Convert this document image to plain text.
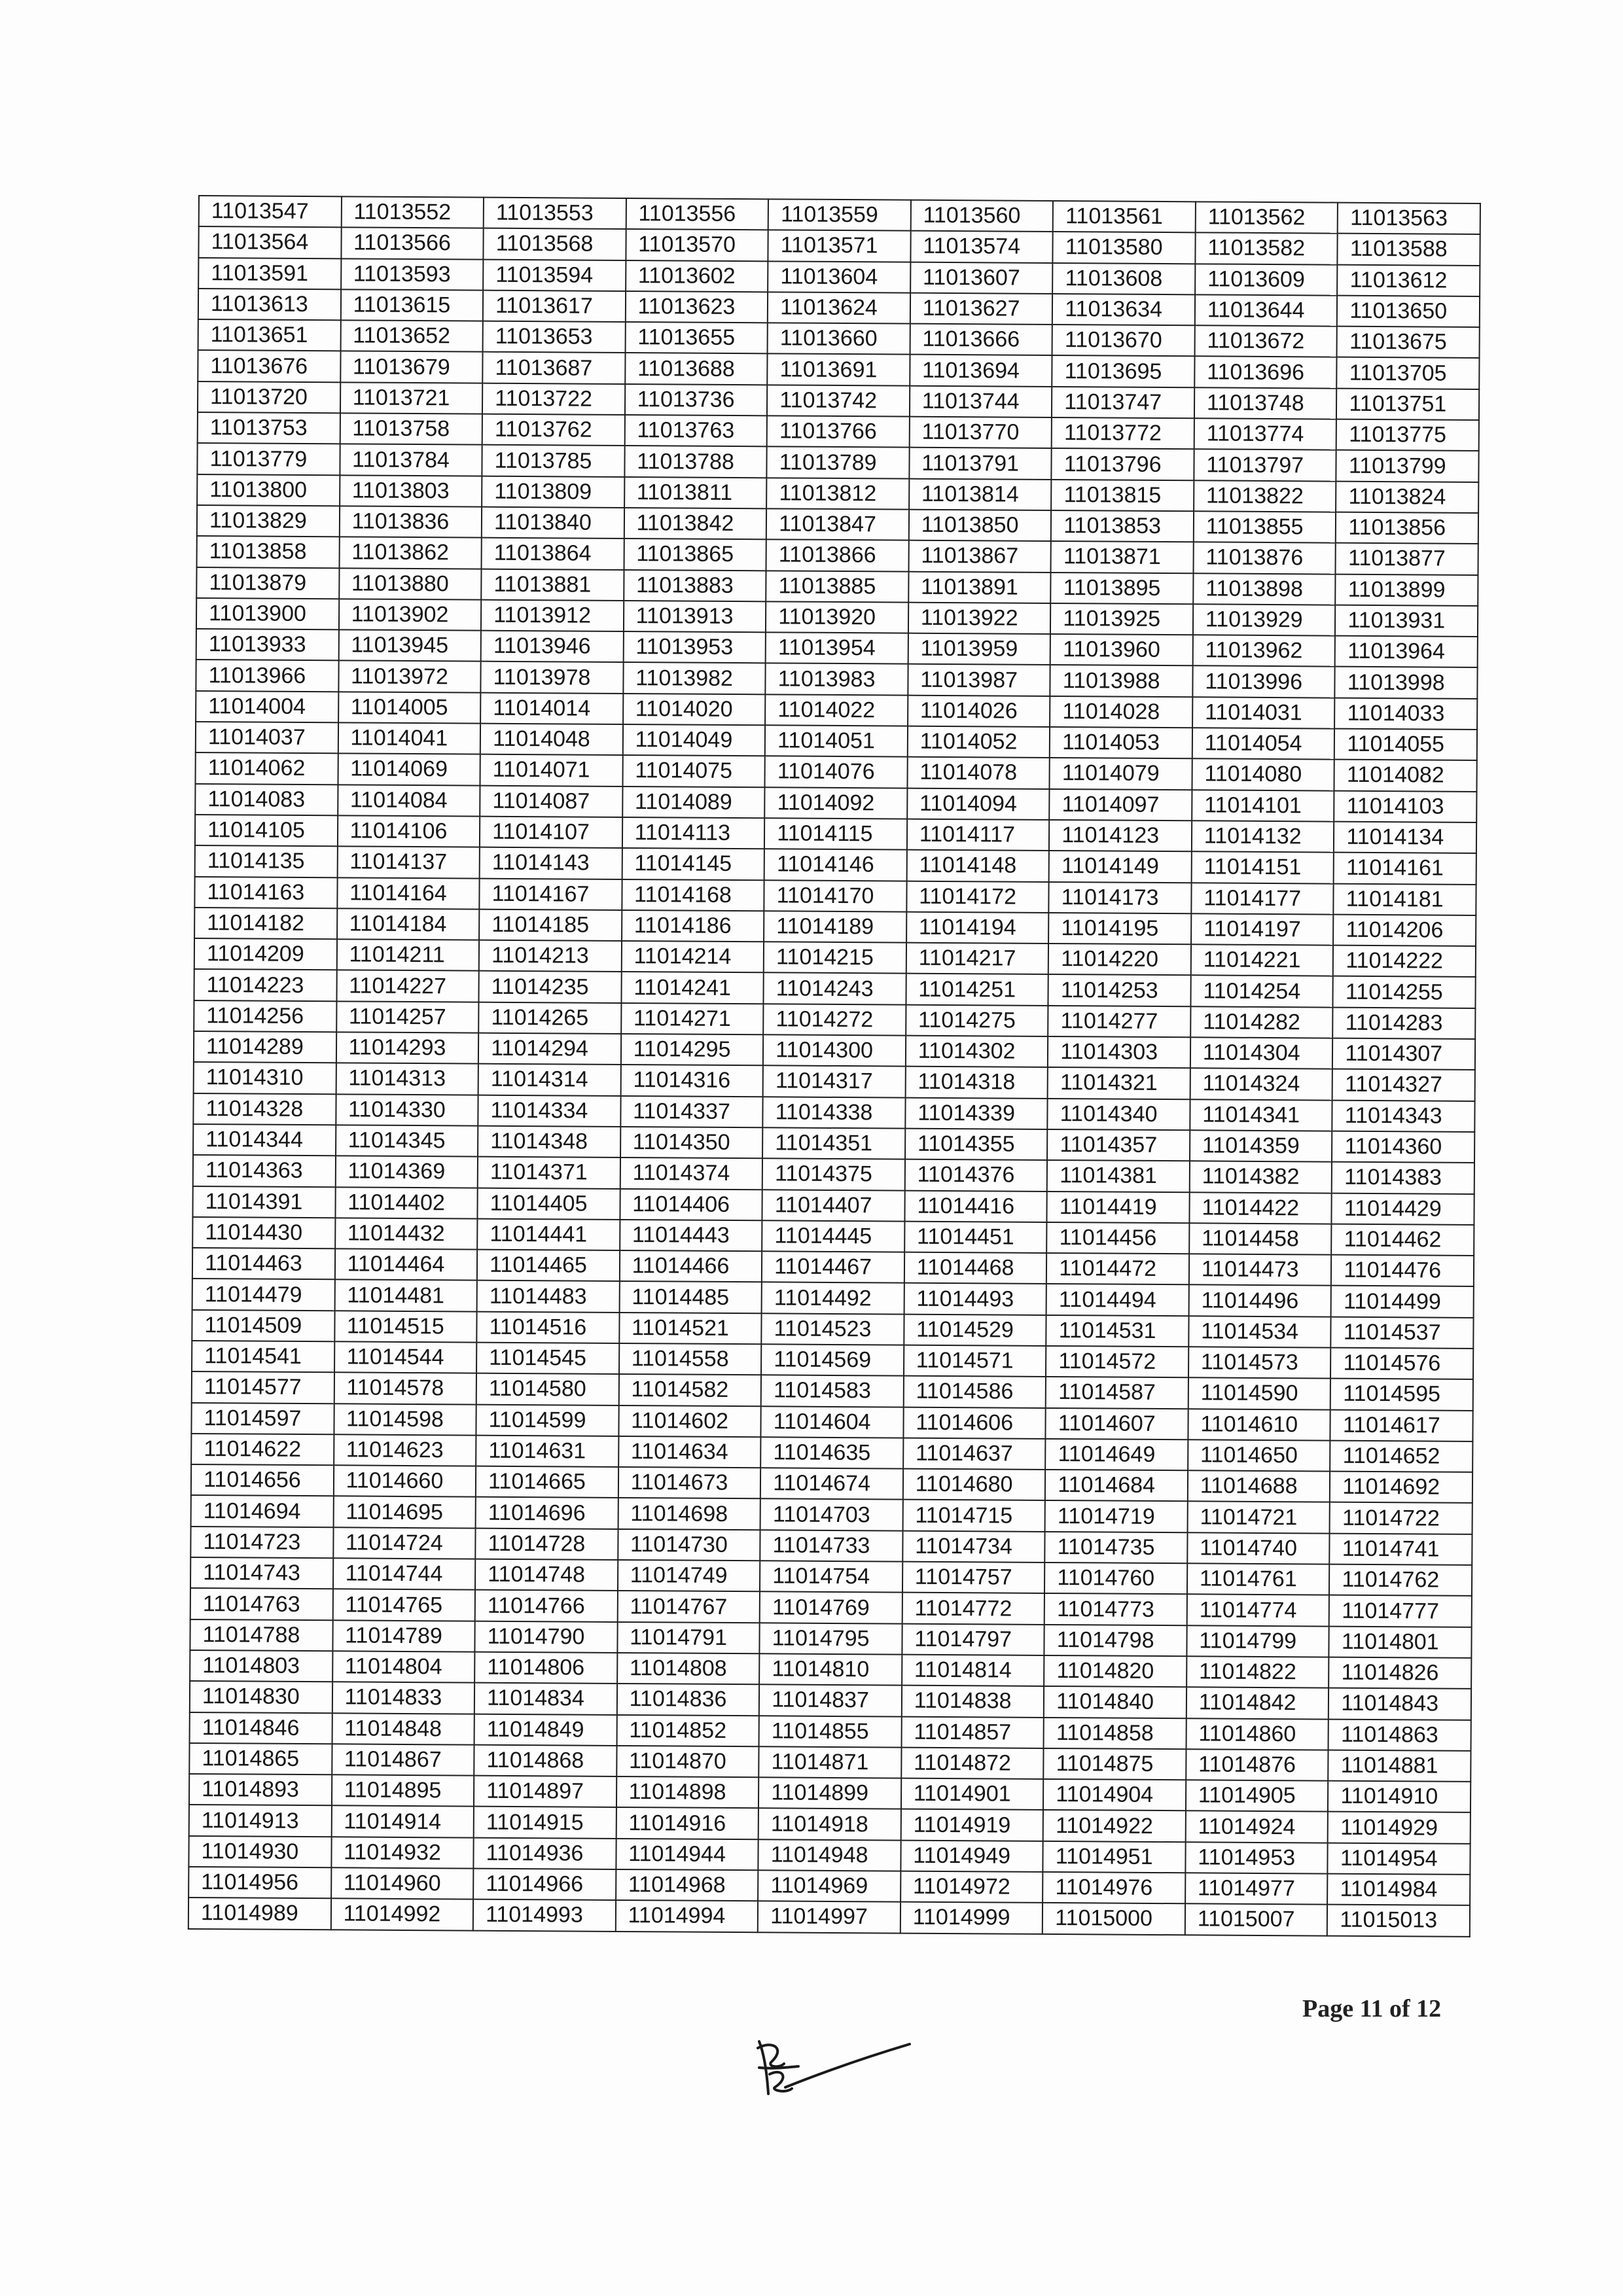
11013547	11013552	11013553	11013556	11013559	11013560	11013561	11013562	11013563
11013564	11013566	11013568	11013570	11013571	11013574	11013580	11013582	11013588
11013591	11013593	11013594	11013602	11013604	11013607	11013608	11013609	11013612
11013613	11013615	11013617	11013623	11013624	11013627	11013634	11013644	11013650
11013651	11013652	11013653	11013655	11013660	11013666	11013670	11013672	11013675
11013676	11013679	11013687	11013688	11013691	11013694	11013695	11013696	11013705
11013720	11013721	11013722	11013736	11013742	11013744	11013747	11013748	11013751
11013753	11013758	11013762	11013763	11013766	11013770	11013772	11013774	11013775
11013779	11013784	11013785	11013788	11013789	11013791	11013796	11013797	11013799
11013800	11013803	11013809	11013811	11013812	11013814	11013815	11013822	11013824
11013829	11013836	11013840	11013842	11013847	11013850	11013853	11013855	11013856
11013858	11013862	11013864	11013865	11013866	11013867	11013871	11013876	11013877
11013879	11013880	11013881	11013883	11013885	11013891	11013895	11013898	11013899
11013900	11013902	11013912	11013913	11013920	11013922	11013925	11013929	11013931
11013933	11013945	11013946	11013953	11013954	11013959	11013960	11013962	11013964
11013966	11013972	11013978	11013982	11013983	11013987	11013988	11013996	11013998
11014004	11014005	11014014	11014020	11014022	11014026	11014028	11014031	11014033
11014037	11014041	11014048	11014049	11014051	11014052	11014053	11014054	11014055
11014062	11014069	11014071	11014075	11014076	11014078	11014079	11014080	11014082
11014083	11014084	11014087	11014089	11014092	11014094	11014097	11014101	11014103
11014105	11014106	11014107	11014113	11014115	11014117	11014123	11014132	11014134
11014135	11014137	11014143	11014145	11014146	11014148	11014149	11014151	11014161
11014163	11014164	11014167	11014168	11014170	11014172	11014173	11014177	11014181
11014182	11014184	11014185	11014186	11014189	11014194	11014195	11014197	11014206
11014209	11014211	11014213	11014214	11014215	11014217	11014220	11014221	11014222
11014223	11014227	11014235	11014241	11014243	11014251	11014253	11014254	11014255
11014256	11014257	11014265	11014271	11014272	11014275	11014277	11014282	11014283
11014289	11014293	11014294	11014295	11014300	11014302	11014303	11014304	11014307
11014310	11014313	11014314	11014316	11014317	11014318	11014321	11014324	11014327
11014328	11014330	11014334	11014337	11014338	11014339	11014340	11014341	11014343
11014344	11014345	11014348	11014350	11014351	11014355	11014357	11014359	11014360
11014363	11014369	11014371	11014374	11014375	11014376	11014381	11014382	11014383
11014391	11014402	11014405	11014406	11014407	11014416	11014419	11014422	11014429
11014430	11014432	11014441	11014443	11014445	11014451	11014456	11014458	11014462
11014463	11014464	11014465	11014466	11014467	11014468	11014472	11014473	11014476
11014479	11014481	11014483	11014485	11014492	11014493	11014494	11014496	11014499
11014509	11014515	11014516	11014521	11014523	11014529	11014531	11014534	11014537
11014541	11014544	11014545	11014558	11014569	11014571	11014572	11014573	11014576
11014577	11014578	11014580	11014582	11014583	11014586	11014587	11014590	11014595
11014597	11014598	11014599	11014602	11014604	11014606	11014607	11014610	11014617
11014622	11014623	11014631	11014634	11014635	11014637	11014649	11014650	11014652
11014656	11014660	11014665	11014673	11014674	11014680	11014684	11014688	11014692
11014694	11014695	11014696	11014698	11014703	11014715	11014719	11014721	11014722
11014723	11014724	11014728	11014730	11014733	11014734	11014735	11014740	11014741
11014743	11014744	11014748	11014749	11014754	11014757	11014760	11014761	11014762
11014763	11014765	11014766	11014767	11014769	11014772	11014773	11014774	11014777
11014788	11014789	11014790	11014791	11014795	11014797	11014798	11014799	11014801
11014803	11014804	11014806	11014808	11014810	11014814	11014820	11014822	11014826
11014830	11014833	11014834	11014836	11014837	11014838	11014840	11014842	11014843
11014846	11014848	11014849	11014852	11014855	11014857	11014858	11014860	11014863
11014865	11014867	11014868	11014870	11014871	11014872	11014875	11014876	11014881
11014893	11014895	11014897	11014898	11014899	11014901	11014904	11014905	11014910
11014913	11014914	11014915	11014916	11014918	11014919	11014922	11014924	11014929
11014930	11014932	11014936	11014944	11014948	11014949	11014951	11014953	11014954
11014956	11014960	11014966	11014968	11014969	11014972	11014976	11014977	11014984
11014989	11014992	11014993	11014994	11014997	11014999	11015000	11015007	11015013
Page 11 of 12
